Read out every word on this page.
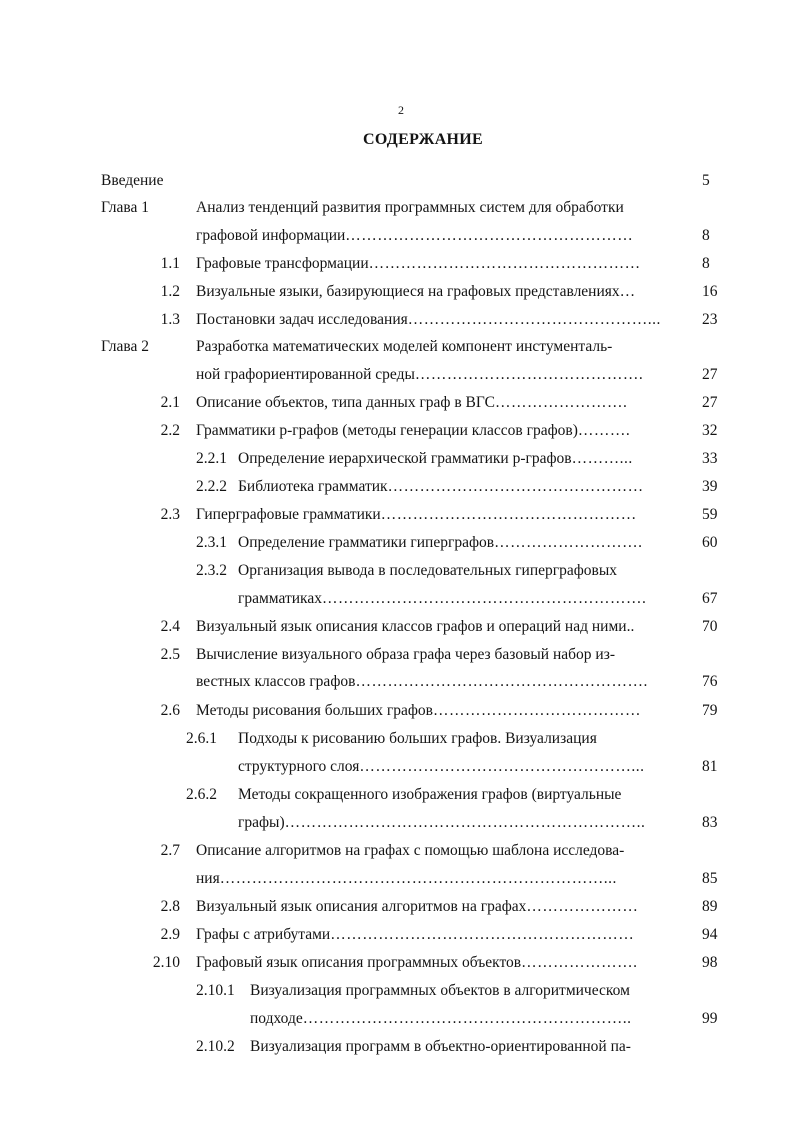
2
СОДЕРЖАНИЕ
Введение	5
Глава 1	Анализ тенденций развития программных систем для обработки
графовой информации………………………………………………	8
1.1 Графовые трансформации……………………………………………	8
1.2 Визуальные языки, базирующиеся на графовых представлениях…	16
1.3 Постановки задач исследования………………………………………...	23
Глава 2	Разработка математических моделей компонент инстументаль-
ной графориентированной среды…………………………………….	27
2.1 Описание объектов, типа данных граф в ВГС…………………….	27
2.2 Грамматики р-графов (методы генерации классов графов)……….	32
2.2.1 Определение иерархической грамматики р-графов………...	33
2.2.2 Библиотека грамматик…………………………………………	39
2.3 Гиперграфовые грамматики…………………………………………	59
2.3.1 Определение грамматики гиперграфов……………………….	60
2.3.2 Организация вывода в последовательных гиперграфовых
грамматиках…………………………………………………….	67
2.4 Визуальный язык описания классов графов и операций над ними..	70
2.5 Вычисление визуального образа графа через базовый набор из-
вестных классов графов……………………………………………….	76
2.6 Методы рисования больших графов…………………………………	79
2.6.1 Подходы к рисованию больших графов. Визуализация
структурного слоя……………………………………………...	81
2.6.2 Методы сокращенного изображения графов (виртуальные
графы)…………………………………………………………..	83
2.7 Описание алгоритмов на графах с помощью шаблона исследова-
ния………………………………………………………………...	85
2.8 Визуальный язык описания алгоритмов на графах…………………	89
2.9 Графы с атрибутами…………………………………………………	94
2.10 Графовый язык описания программных объектов………………….	98
2.10.1 Визуализация программных объектов в алгоритмическом
подходе……………………………………………………..	99
2.10.2 Визуализация программ в объектно-ориентированной па-
